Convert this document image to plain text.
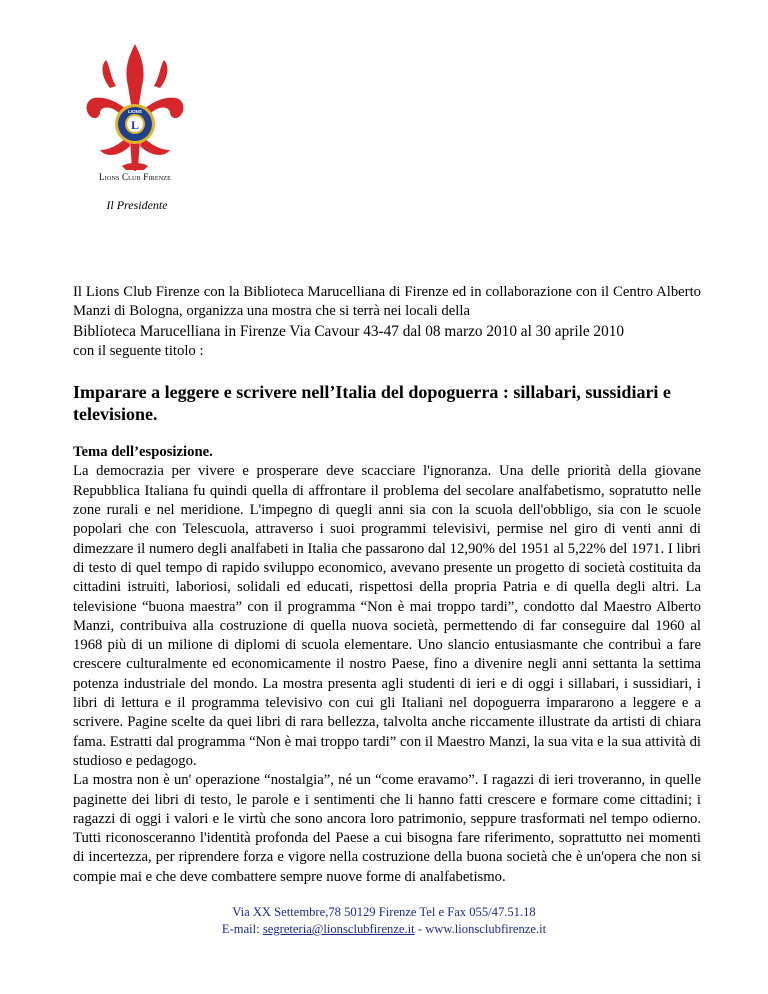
L
LIONS
Lions Club Firenze
Il Presidente

Il Lions Club Firenze con la Biblioteca Marucelliana di Firenze ed in collaborazione con il Centro Alberto Manzi di Bologna, organizza una mostra che si terrà nei locali della
Biblioteca Marucelliana in Firenze Via Cavour 43-47 dal 08 marzo 2010 al 30 aprile 2010
con il seguente titolo :

Imparare a leggere e scrivere nell’Italia del dopoguerra : sillabari, sussidiari e televisione.

Tema dell’esposizione.

La democrazia per vivere e prosperare deve scacciare l'ignoranza. Una delle priorità della giovane Repubblica Italiana fu quindi quella di affrontare il problema del secolare analfabetismo, sopratutto nelle zone rurali e nel meridione. L'impegno di quegli anni sia con la scuola dell'obbligo, sia con le scuole popolari che con Telescuola, attraverso i suoi programmi televisivi, permise nel giro di venti anni di dimezzare il numero degli analfabeti in Italia che passarono dal 12,90% del 1951 al 5,22% del 1971. I libri di testo di quel tempo di rapido sviluppo economico, avevano presente un progetto di società costituita da cittadini istruiti, laboriosi, solidali ed educati, rispettosi della propria Patria e di quella degli altri. La televisione “buona maestra” con il programma “Non è mai troppo tardi”, condotto dal Maestro Alberto Manzi, contribuiva alla costruzione di quella nuova società, permettendo di far conseguire dal 1960 al 1968 più di un milione di diplomi di scuola elementare. Uno slancio entusiasmante che contribuì a fare crescere culturalmente ed economicamente il nostro Paese, fino a divenire negli anni settanta la settima potenza industriale del mondo. La mostra presenta agli studenti di ieri e di oggi i sillabari, i sussidiari, i libri di lettura e il programma televisivo con cui gli Italiani nel dopoguerra impararono a leggere e a scrivere. Pagine scelte da quei libri di rara bellezza, talvolta anche riccamente illustrate da artisti di chiara fama. Estratti dal programma “Non è mai troppo tardi” con il Maestro Manzi, la sua vita e la sua attività di studioso e pedagogo.

La mostra non è un' operazione “nostalgia”, né un “come eravamo”. I ragazzi di ieri troveranno, in quelle paginette dei libri di testo, le parole e i sentimenti che li hanno fatti crescere e formare come cittadini; i ragazzi di oggi i valori e le virtù che sono ancora loro patrimonio, seppure trasformati nel tempo odierno. Tutti riconosceranno l'identità profonda del Paese a cui bisogna fare riferimento, soprattutto nei momenti di incertezza, per riprendere forza e vigore nella costruzione della buona società che è un'opera che non si compie mai e che deve combattere sempre nuove forme di analfabetismo.

Via XX Settembre,78 50129 Firenze Tel e Fax 055/47.51.18
E-mail: segreteria@lionsclubfirenze.it - www.lionsclubfirenze.it
